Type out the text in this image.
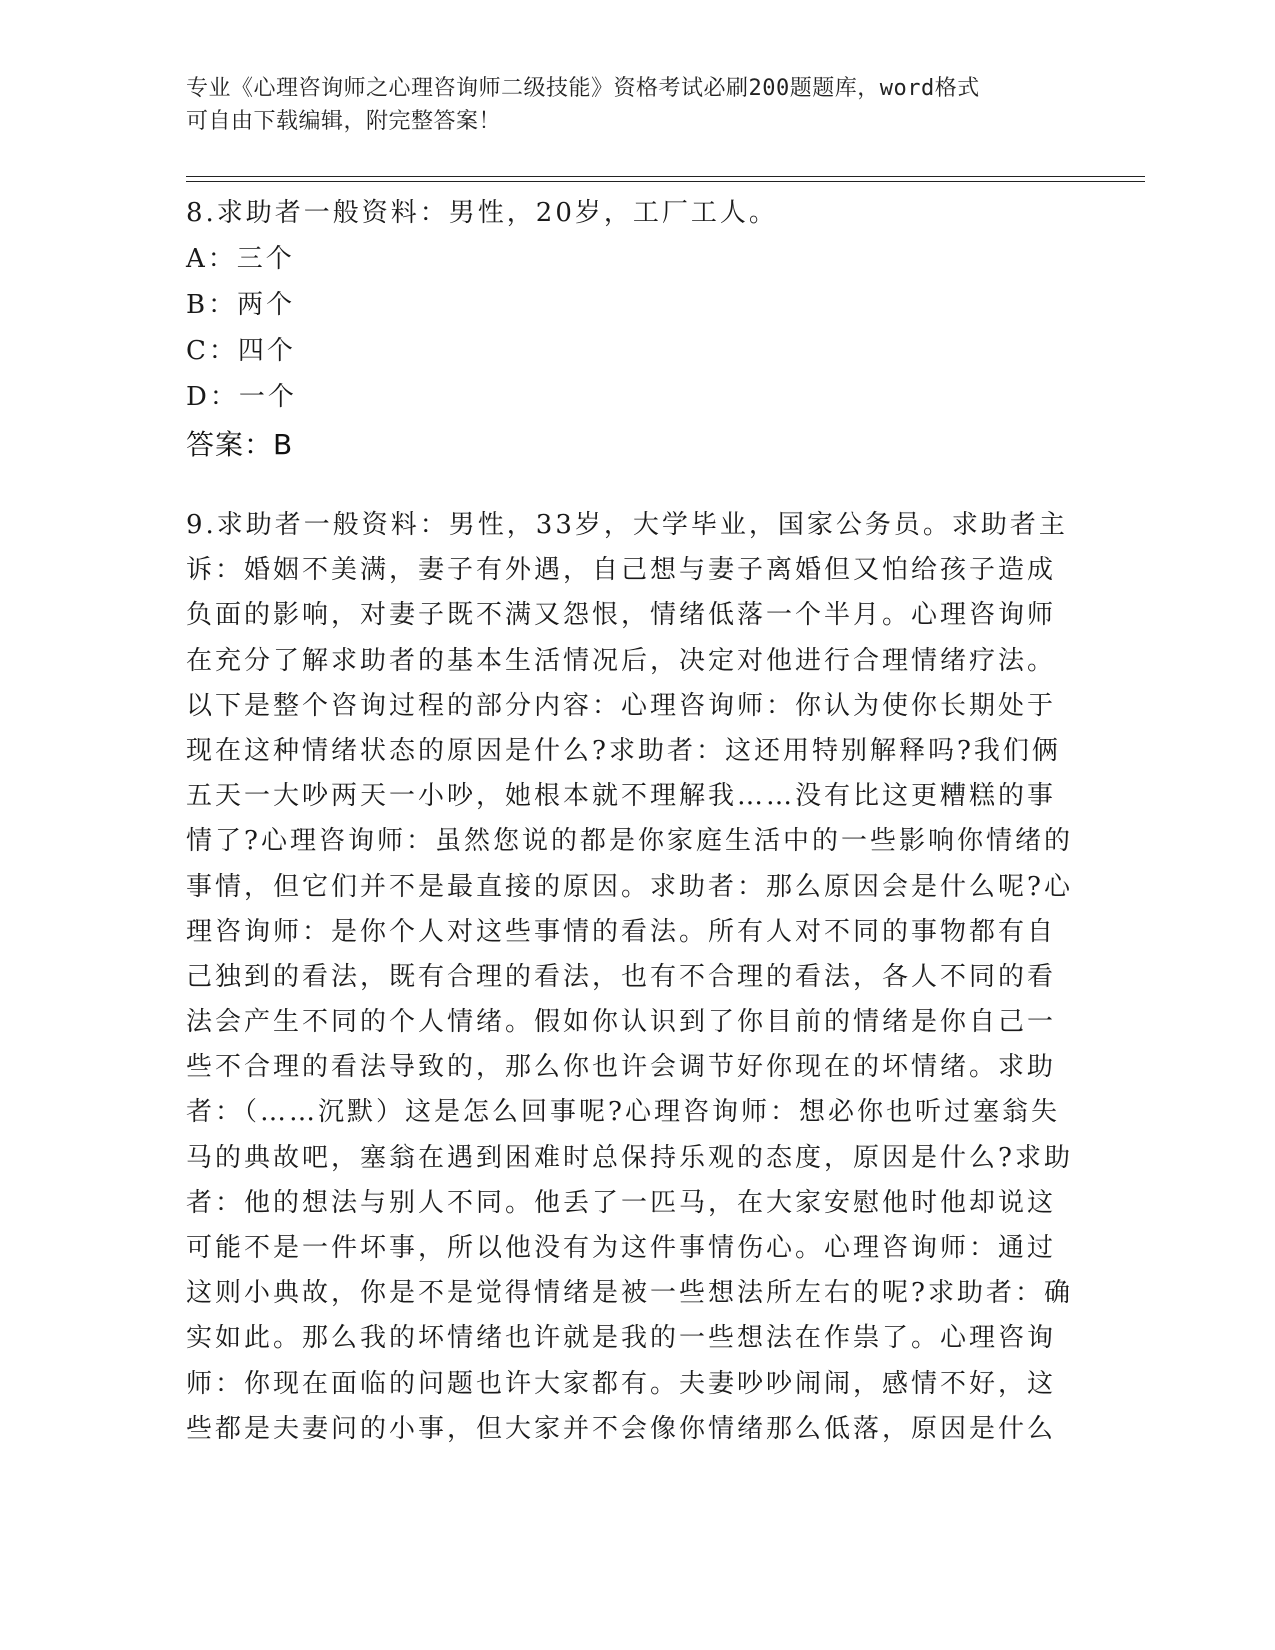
专业《心理咨询师之心理咨询师二级技能》资格考试必刷200题题库，word格式
可自由下载编辑，附完整答案！
8.求助者一般资料：男性，20岁，工厂工人。
A：三个
B：两个
C：四个
D：一个
答案：B
9.求助者一般资料：男性，33岁，大学毕业，国家公务员。求助者主
诉：婚姻不美满，妻子有外遇，自己想与妻子离婚但又怕给孩子造成
负面的影响，对妻子既不满又怨恨，情绪低落一个半月。心理咨询师
在充分了解求助者的基本生活情况后，决定对他进行合理情绪疗法。
以下是整个咨询过程的部分内容：心理咨询师：你认为使你长期处于
现在这种情绪状态的原因是什么?求助者：这还用特别解释吗?我们俩
五天一大吵两天一小吵，她根本就不理解我……没有比这更糟糕的事
情了?心理咨询师：虽然您说的都是你家庭生活中的一些影响你情绪的
事情，但它们并不是最直接的原因。求助者：那么原因会是什么呢?心
理咨询师：是你个人对这些事情的看法。所有人对不同的事物都有自
己独到的看法，既有合理的看法，也有不合理的看法，各人不同的看
法会产生不同的个人情绪。假如你认识到了你目前的情绪是你自己一
些不合理的看法导致的，那么你也许会调节好你现在的坏情绪。求助
者：（……沉默）这是怎么回事呢?心理咨询师：想必你也听过塞翁失
马的典故吧，塞翁在遇到困难时总保持乐观的态度，原因是什么?求助
者：他的想法与别人不同。他丢了一匹马，在大家安慰他时他却说这
可能不是一件坏事，所以他没有为这件事情伤心。心理咨询师：通过
这则小典故，你是不是觉得情绪是被一些想法所左右的呢?求助者：确
实如此。那么我的坏情绪也许就是我的一些想法在作祟了。心理咨询
师：你现在面临的问题也许大家都有。夫妻吵吵闹闹，感情不好，这
些都是夫妻问的小事，但大家并不会像你情绪那么低落，原因是什么
